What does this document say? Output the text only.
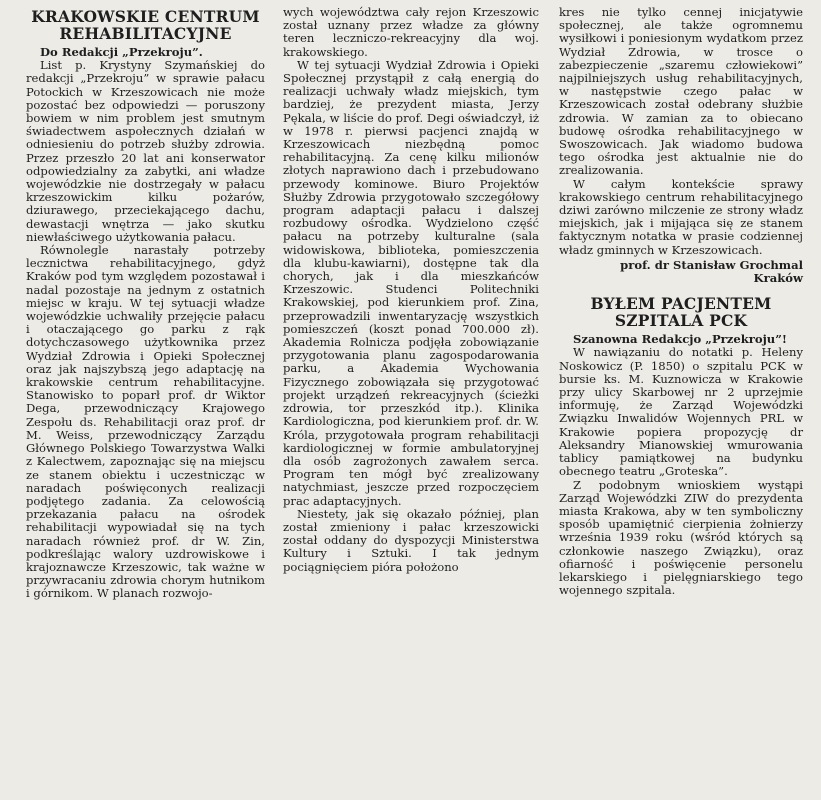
KRAKOWSKIE CENTRUM REHABILITACYJNE
Do Redakcji „Przekroju”.

List p. Krystyny Szymańskiej do redakcji „Przekroju” w sprawie pałacu Potockich w Krzeszowicach nie może pozostać bez odpowiedzi — poruszony bowiem w nim problem jest smutnym świadectwem aspołecznych działań w odniesieniu do potrzeb służby zdrowia. Przez przeszło 20 lat ani konserwator odpowiedzialny za zabytki, ani władze wojewódzkie nie dostrzegały w pałacu krzeszowickim kilku pożarów, dziurawego, przeciekającego dachu, dewastacji wnętrza — jako skutku niewłaściwego użytkowania pałacu.

Równolegle narastały potrzeby lecznictwa rehabilitacyjnego, gdyż Kraków pod tym względem pozostawał i nadal pozostaje na jednym z ostatnich miejsc w kraju. W tej sytuacji władze wojewódzkie uchwaliły przejęcie pałacu i otaczającego go parku z rąk dotychczasowego użytkownika przez Wydział Zdrowia i Opieki Społecznej oraz jak najszybszą jego adaptację na krakowskie centrum rehabilitacyjne. Stanowisko to poparł prof. dr Wiktor Dega, przewodniczący Krajowego Zespołu ds. Rehabilitacji oraz prof. dr M. Weiss, przewodniczący Zarządu Głównego Polskiego Towarzystwa Walki z Kalectwem, zapoznając się na miejscu ze stanem obiektu i uczestnicząc w naradach poświęconych realizacji podjętego zadania. Za celowością przekazania pałacu na ośrodek rehabilitacji wypowiadał się na tych naradach również prof. dr W. Zin, podkreślając walory uzdrowiskowe i krajoznawcze Krzeszowic, tak ważne w przywracaniu zdrowia chorym hutnikom i górnikom. W planach rozwojo-

wych województwa cały rejon Krzeszowic został uznany przez władze za główny teren leczniczo-rekreacyjny dla woj. krakowskiego.

W tej sytuacji Wydział Zdrowia i Opieki Społecznej przystąpił z całą energią do realizacji uchwały władz miejskich, tym bardziej, że prezydent miasta, Jerzy Pękala, w liście do prof. Degi oświadczył, iż w 1978 r. pierwsi pacjenci znajdą w Krzeszowicach niezbędną pomoc rehabilitacyjną. Za cenę kilku milionów złotych naprawiono dach i przebudowano przewody kominowe. Biuro Projektów Służby Zdrowia przygotowało szczegółowy program adaptacji pałacu i dalszej rozbudowy ośrodka. Wydzielono część pałacu na potrzeby kulturalne (sala widowiskowa, biblioteka, pomieszczenia dla klubu-kawiarni), dostępne tak dla chorych, jak i dla mieszkańców Krzeszowic. Studenci Politechniki Krakowskiej, pod kierunkiem prof. Zina, przeprowadzili inwentaryzację wszystkich pomieszczeń (koszt ponad 700.000 zł). Akademia Rolnicza podjęła zobowiązanie przygotowania planu zagospodarowania parku, a Akademia Wychowania Fizycznego zobowiązała się przygotować projekt urządzeń rekreacyjnych (ścieżki zdrowia, tor przeszkód itp.). Klinika Kardiologiczna, pod kierunkiem prof. dr. W. Króla, przygotowała program rehabilitacji kardiologicznej w formie ambulatoryjnej dla osób zagrożonych zawałem serca. Program ten mógł być zrealizowany natychmiast, jeszcze przed rozpoczęciem prac adaptacyjnych.

Niestety, jak się okazało później, plan został zmieniony i pałac krzeszowicki został oddany do dyspozycji Ministerstwa Kultury i Sztuki. I tak jednym pociągnięciem pióra położono

kres nie tylko cennej inicjatywie społecznej, ale także ogromnemu wysiłkowi i poniesionym wydatkom przez Wydział Zdrowia, w trosce o zabezpieczenie „szaremu człowiekowi” najpilniejszych usług rehabilitacyjnych, w następstwie czego pałac w Krzeszowicach został odebrany służbie zdrowia. W zamian za to obiecano budowę ośrodka rehabilitacyjnego w Swoszowicach. Jak wiadomo budowa tego ośrodka jest aktualnie nie do zrealizowania.

W całym kontekście sprawy krakowskiego centrum rehabilitacyjnego dziwi zarówno milczenie ze strony władz miejskich, jak i mijająca się ze stanem faktycznym notatka w prasie codziennej władz gminnych w Krzeszowicach.

prof. dr Stanisław Grochmal
Kraków
BYŁEM PACJENTEM SZPITALA PCK
Szanowna Redakcjo „Przekroju”!

W nawiązaniu do notatki p. Heleny Noskowicz (P. 1850) o szpitalu PCK w bursie ks. M. Kuznowicza w Krakowie przy ulicy Skarbowej nr 2 uprzejmie informuję, że Zarząd Wojewódzki Związku Inwalidów Wojennych PRL w Krakowie popiera propozycję dr Aleksandry Mianowskiej wmurowania tablicy pamiątkowej na budynku obecnego teatru „Groteska”.

Z podobnym wnioskiem wystąpi Zarząd Wojewódzki ZIW do prezydenta miasta Krakowa, aby w ten symboliczny sposób upamiętnić cierpienia żołnierzy września 1939 roku (wśród których są członkowie naszego Związku), oraz ofiarność i poświęcenie personelu lekarskiego i pielęgniarskiego tego wojennego szpitala.
